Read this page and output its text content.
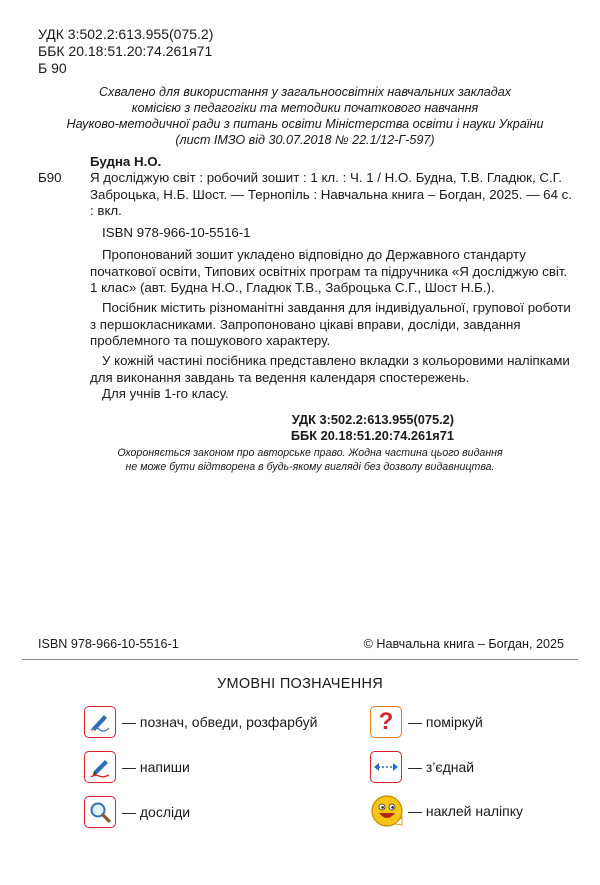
УДК 3:502.2:613.955(075.2)
ББК 20.18:51.20:74.261я71
Б 90
Схвалено для використання у загальноосвітніх навчальних закладах
комісією з педагогіки та методики початкового навчання
Науково-методичної ради з питань освіти Міністерства освіти і науки України
(лист ІМЗО від 30.07.2018 № 22.1/12-Г-597)
Будна Н.О.
Б90 Я досліджую світ : робочий зошит : 1 кл. : Ч. 1 / Н.О. Будна, Т.В. Гладюк, С.Г. Заброцька, Н.Б. Шост. — Тернопіль : Навчальна книга – Богдан, 2025. — 64 с. : вкл.
ISBN 978-966-10-5516-1
Пропонований зошит укладено відповідно до Державного стандарту початкової освіти, Типових освітніх програм та підручника «Я досліджую світ. 1 клас» (авт. Будна Н.О., Гладюк Т.В., Заброцька С.Г., Шост Н.Б.).
Посібник містить різноманітні завдання для індивідуальної, групової роботи з першокласниками. Запропоновано цікаві вправи, досліди, завдання проблемного та пошукового характеру.
У кожній частині посібника представлено вкладки з кольоровими наліпками для виконання завдань та ведення календаря спостережень.
Для учнів 1-го класу.
УДК 3:502.2:613.955(075.2)
ББК 20.18:51.20:74.261я71
Охороняється законом про авторське право. Жодна частина цього видання
не може бути відтворена в будь-якому вигляді без дозволу видавництва.
ISBN 978-966-10-5516-1	© Навчальна книга – Богдан, 2025
УМОВНІ ПОЗНАЧЕННЯ
— познач, обведи, розфарбуй	? — поміркуй
— напиши	— з’єднай
— досліди	— наклей наліпку
